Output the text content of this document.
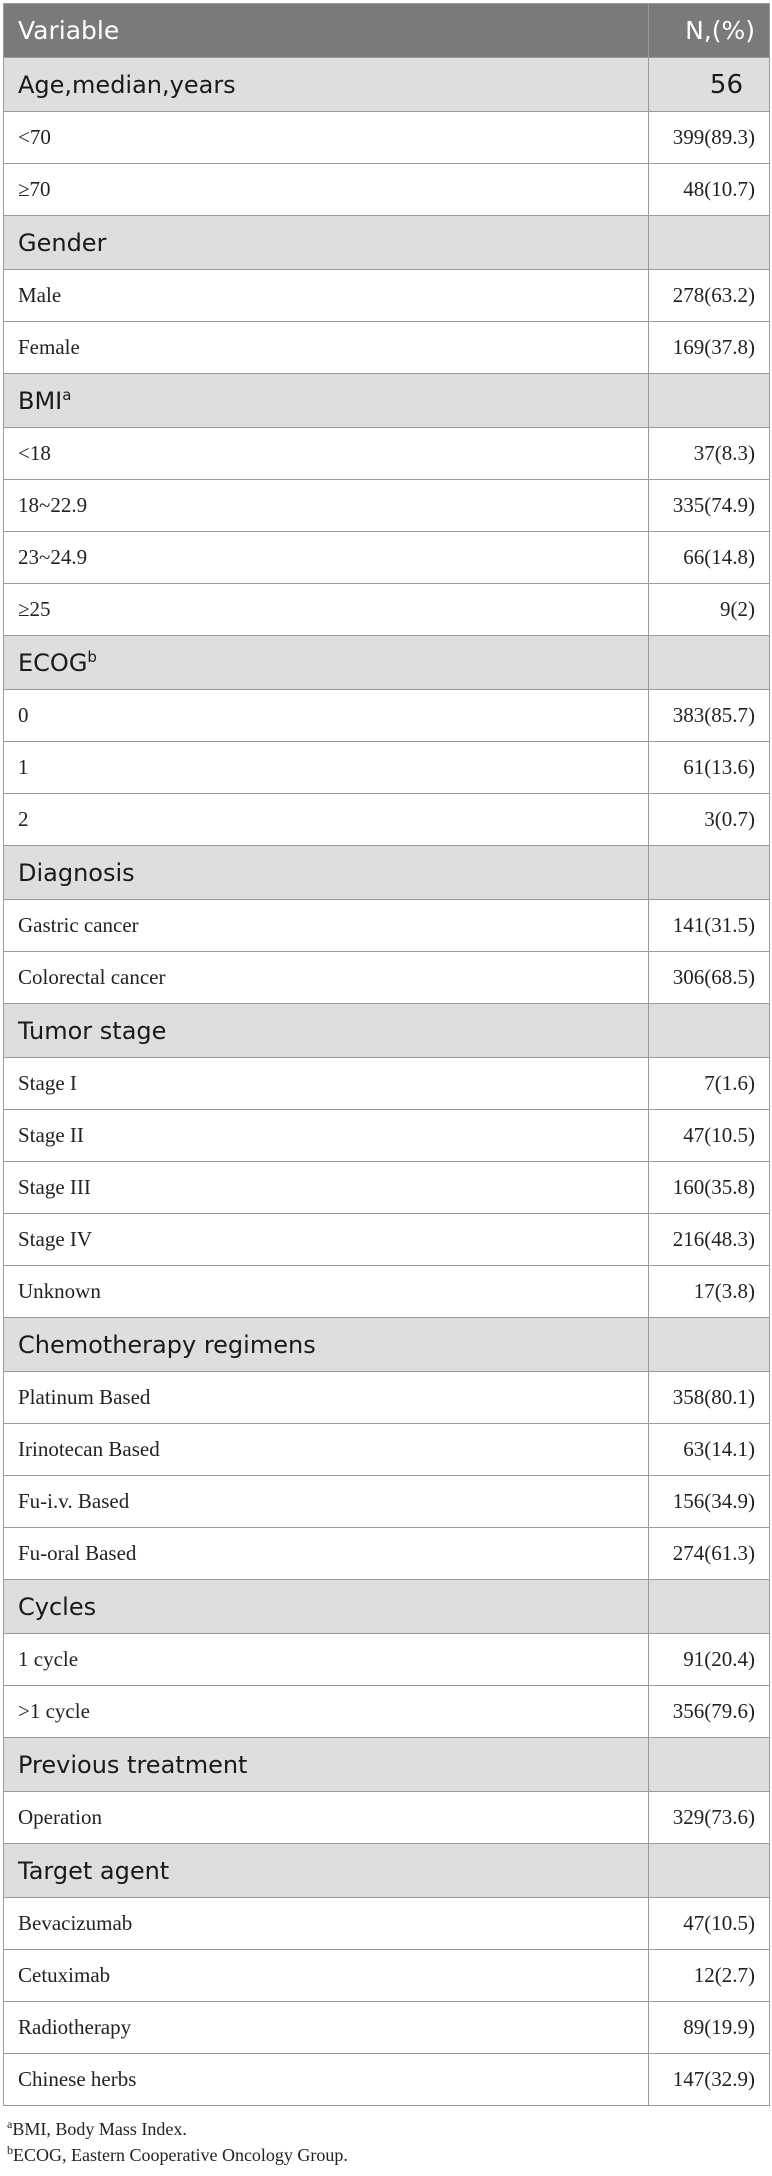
Variable	N,(%)
Age,median,years	56
<70	399(89.3)
≥70	48(10.7)
Gender	
Male	278(63.2)
Female	169(37.8)
BMI$^a$	
<18	37(8.3)
18~22.9	335(74.9)
23~24.9	66(14.8)
≥25	9(2)
ECOG$^b$	
0	383(85.7)
1	61(13.6)
2	3(0.7)
Diagnosis	
Gastric cancer	141(31.5)
Colorectal cancer	306(68.5)
Tumor stage	
Stage I	7(1.6)
Stage II	47(10.5)
Stage III	160(35.8)
Stage IV	216(48.3)
Unknown	17(3.8)
Chemotherapy regimens	
Platinum Based	358(80.1)
Irinotecan Based	63(14.1)
Fu-i.v. Based	156(34.9)
Fu-oral Based	274(61.3)
Cycles	
1 cycle	91(20.4)
>1 cycle	356(79.6)
Previous treatment	
Operation	329(73.6)
Target agent	
Bevacizumab	47(10.5)
Cetuximab	12(2.7)
Radiotherapy	89(19.9)
Chinese herbs	147(32.9)
$^a$BMI, Body Mass Index.
$^b$ECOG, Eastern Cooperative Oncology Group.
